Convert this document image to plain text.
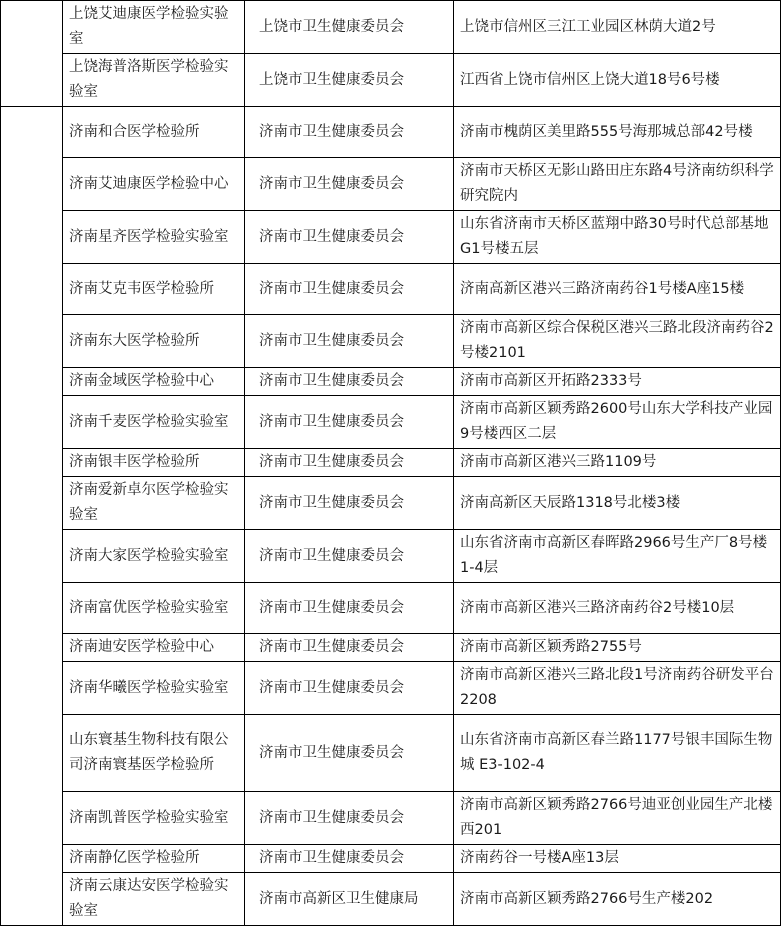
	上饶艾迪康医学检验实验室	上饶市卫生健康委员会	上饶市信州区三江工业园区林荫大道2号
	上饶海普洛斯医学检验实验室	上饶市卫生健康委员会	江西省上饶市信州区上饶大道18号6号楼
	济南和合医学检验所	济南市卫生健康委员会	济南市槐荫区美里路555号海那城总部42号楼
	济南艾迪康医学检验中心	济南市卫生健康委员会	济南市天桥区无影山路田庄东路4号济南纺织科学研究院内
	济南星齐医学检验实验室	济南市卫生健康委员会	山东省济南市天桥区蓝翔中路30号时代总部基地G1号楼五层
	济南艾克韦医学检验所	济南市卫生健康委员会	济南高新区港兴三路济南药谷1号楼A座15楼
	济南东大医学检验所	济南市卫生健康委员会	济南市高新区综合保税区港兴三路北段济南药谷2号楼2101
	济南金域医学检验中心	济南市卫生健康委员会	济南市高新区开拓路2333号
	济南千麦医学检验实验室	济南市卫生健康委员会	济南市高新区颖秀路2600号山东大学科技产业园9号楼西区二层
	济南银丰医学检验所	济南市卫生健康委员会	济南市高新区港兴三路1109号
	济南爱新卓尔医学检验实验室	济南市卫生健康委员会	济南高新区天辰路1318号北楼3楼
	济南大家医学检验实验室	济南市卫生健康委员会	山东省济南市高新区春晖路2966号生产厂8号楼1-4层
	济南富优医学检验实验室	济南市卫生健康委员会	济南市高新区港兴三路济南药谷2号楼10层
	济南迪安医学检验中心	济南市卫生健康委员会	济南市高新区颖秀路2755号
	济南华曦医学检验实验室	济南市卫生健康委员会	济南市高新区港兴三路北段1号济南药谷研发平台2208
	山东寰基生物科技有限公司济南寰基医学检验所	济南市卫生健康委员会	山东省济南市高新区春兰路1177号银丰国际生物城 E3-102-4
	济南凯普医学检验实验室	济南市卫生健康委员会	济南市高新区颖秀路2766号迪亚创业园生产北楼西201
	济南静亿医学检验所	济南市卫生健康委员会	济南药谷一号楼A座13层
	济南云康达安医学检验实验室	济南市高新区卫生健康局	济南市高新区颖秀路2766号生产楼202
